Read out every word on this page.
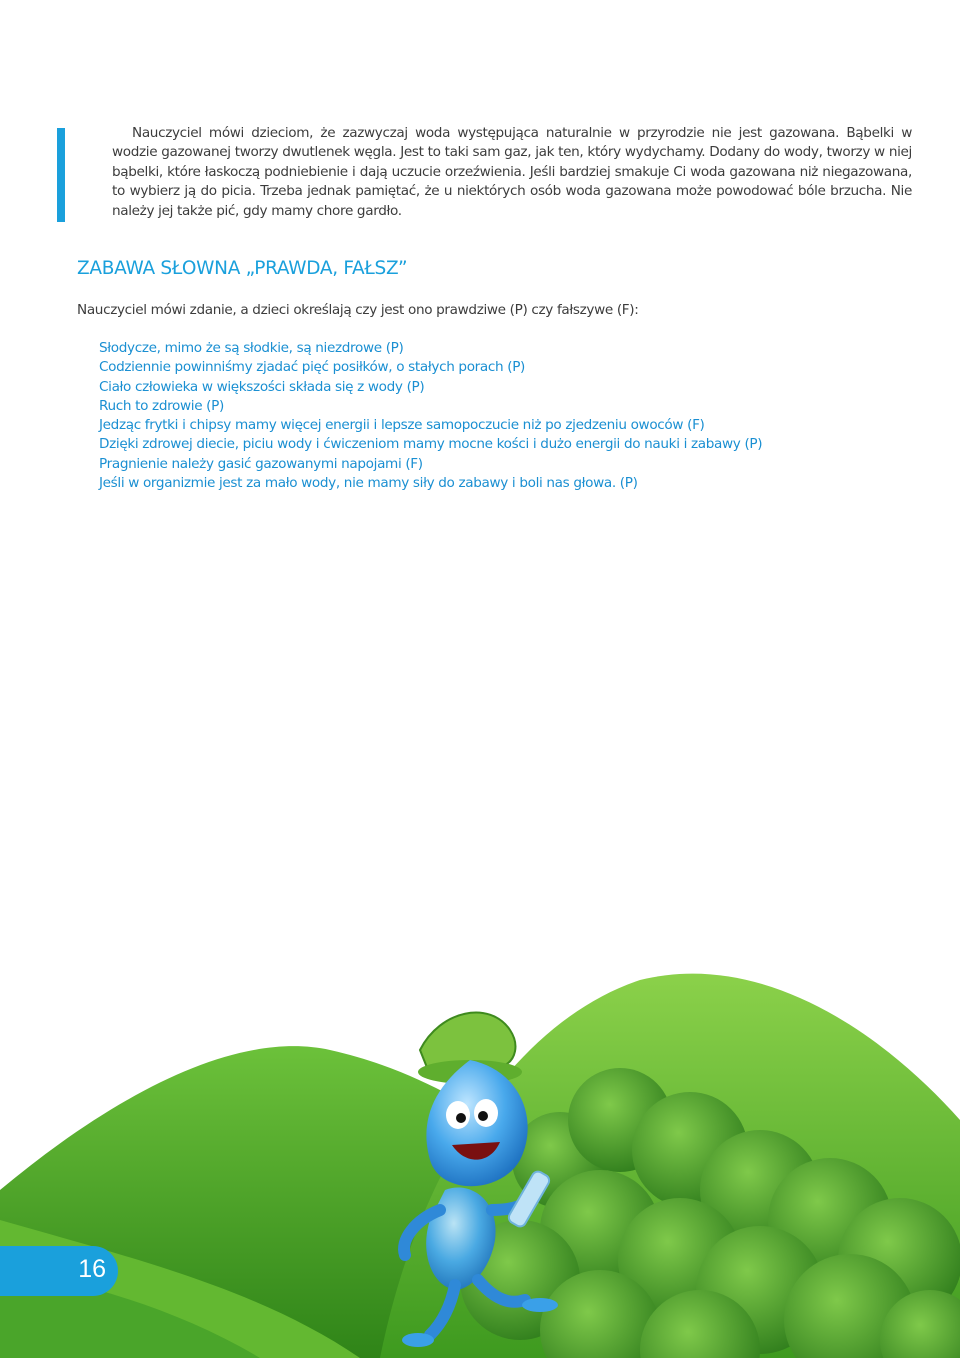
Nauczyciel mówi dzieciom, że zazwyczaj woda występująca naturalnie w przyrodzie nie jest gazowana. Bąbelki w wodzie gazowanej tworzy dwutlenek węgla. Jest to taki sam gaz, jak ten, który wydychamy. Dodany do wody, tworzy w niej bąbelki, które łaskoczą podniebienie i dają uczucie orzeźwienia. Jeśli bardziej smakuje Ci woda gazowana niż niegazowana, to wybierz ją do picia. Trzeba jednak pamiętać, że u niektórych osób woda gazowana może powodować bóle brzucha. Nie należy jej także pić, gdy mamy chore gardło.

ZABAWA SŁOWNA „PRAWDA, FAŁSZ”

Nauczyciel mówi zdanie, a dzieci określają czy jest ono prawdziwe (P) czy fałszywe (F):

Słodycze, mimo że są słodkie, są niezdrowe (P)
Codziennie powinniśmy zjadać pięć posiłków, o stałych porach (P)
Ciało człowieka w większości składa się z wody (P)
Ruch to zdrowie (P)
Jedząc frytki i chipsy mamy więcej energii i lepsze samopoczucie niż po zjedzeniu owoców (F)
Dzięki zdrowej diecie, piciu wody i ćwiczeniom mamy mocne kości i dużo energii do nauki i zabawy (P)
Pragnienie należy gasić gazowanymi napojami (F)
Jeśli w organizmie jest za mało wody, nie mamy siły do zabawy i boli nas głowa. (P)
16
